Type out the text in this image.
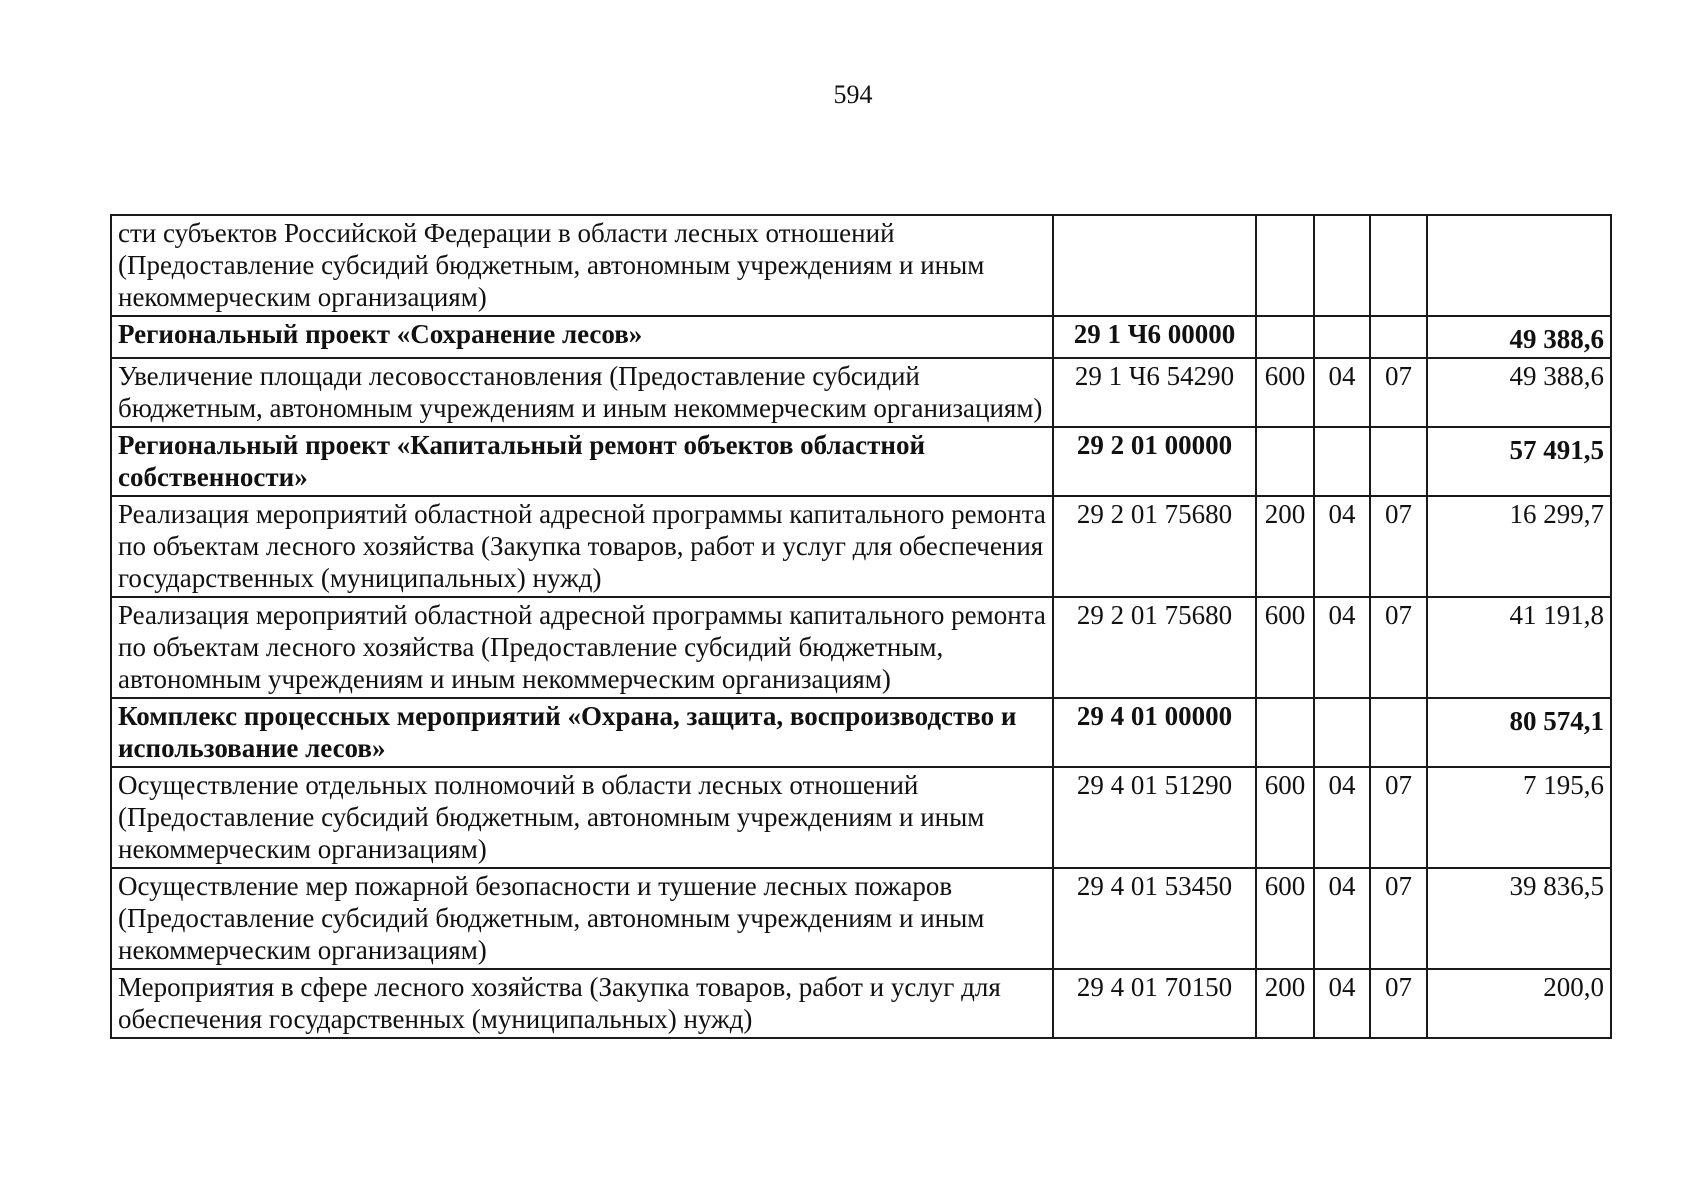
594
сти субъектов Российской Федерации в области лесных отношений (Предоставление субсидий бюджетным, автономным учреждениям и иным некоммерческим организациям)					
Региональный проект «Сохранение лесов»	29 1 Ч6 00000				49 388,6
Увеличение площади лесовосстановления (Предоставление субсидий бюджетным, автономным учреждениям и иным некоммерческим организациям)	29 1 Ч6 54290	600	04	07	49 388,6
Региональный проект «Капитальный ремонт объектов областной собственности»	29 2 01 00000				57 491,5
Реализация мероприятий областной адресной программы капитального ремонта по объектам лесного хозяйства (Закупка товаров, работ и услуг для обеспечения государственных (муниципальных) нужд)	29 2 01 75680	200	04	07	16 299,7
Реализация мероприятий областной адресной программы капитального ремонта по объектам лесного хозяйства (Предоставление субсидий бюджетным, автономным учреждениям и иным некоммерческим организациям)	29 2 01 75680	600	04	07	41 191,8
Комплекс процессных мероприятий «Охрана, защита, воспроизводство и использование лесов»	29 4 01 00000				80 574,1
Осуществление отдельных полномочий в области лесных отношений (Предоставление субсидий бюджетным, автономным учреждениям и иным некоммерческим организациям)	29 4 01 51290	600	04	07	7 195,6
Осуществление мер пожарной безопасности и тушение лесных пожаров (Предоставление субсидий бюджетным, автономным учреждениям и иным некоммерческим организациям)	29 4 01 53450	600	04	07	39 836,5
Мероприятия в сфере лесного хозяйства (Закупка товаров, работ и услуг для обеспечения государственных (муниципальных) нужд)	29 4 01 70150	200	04	07	200,0
